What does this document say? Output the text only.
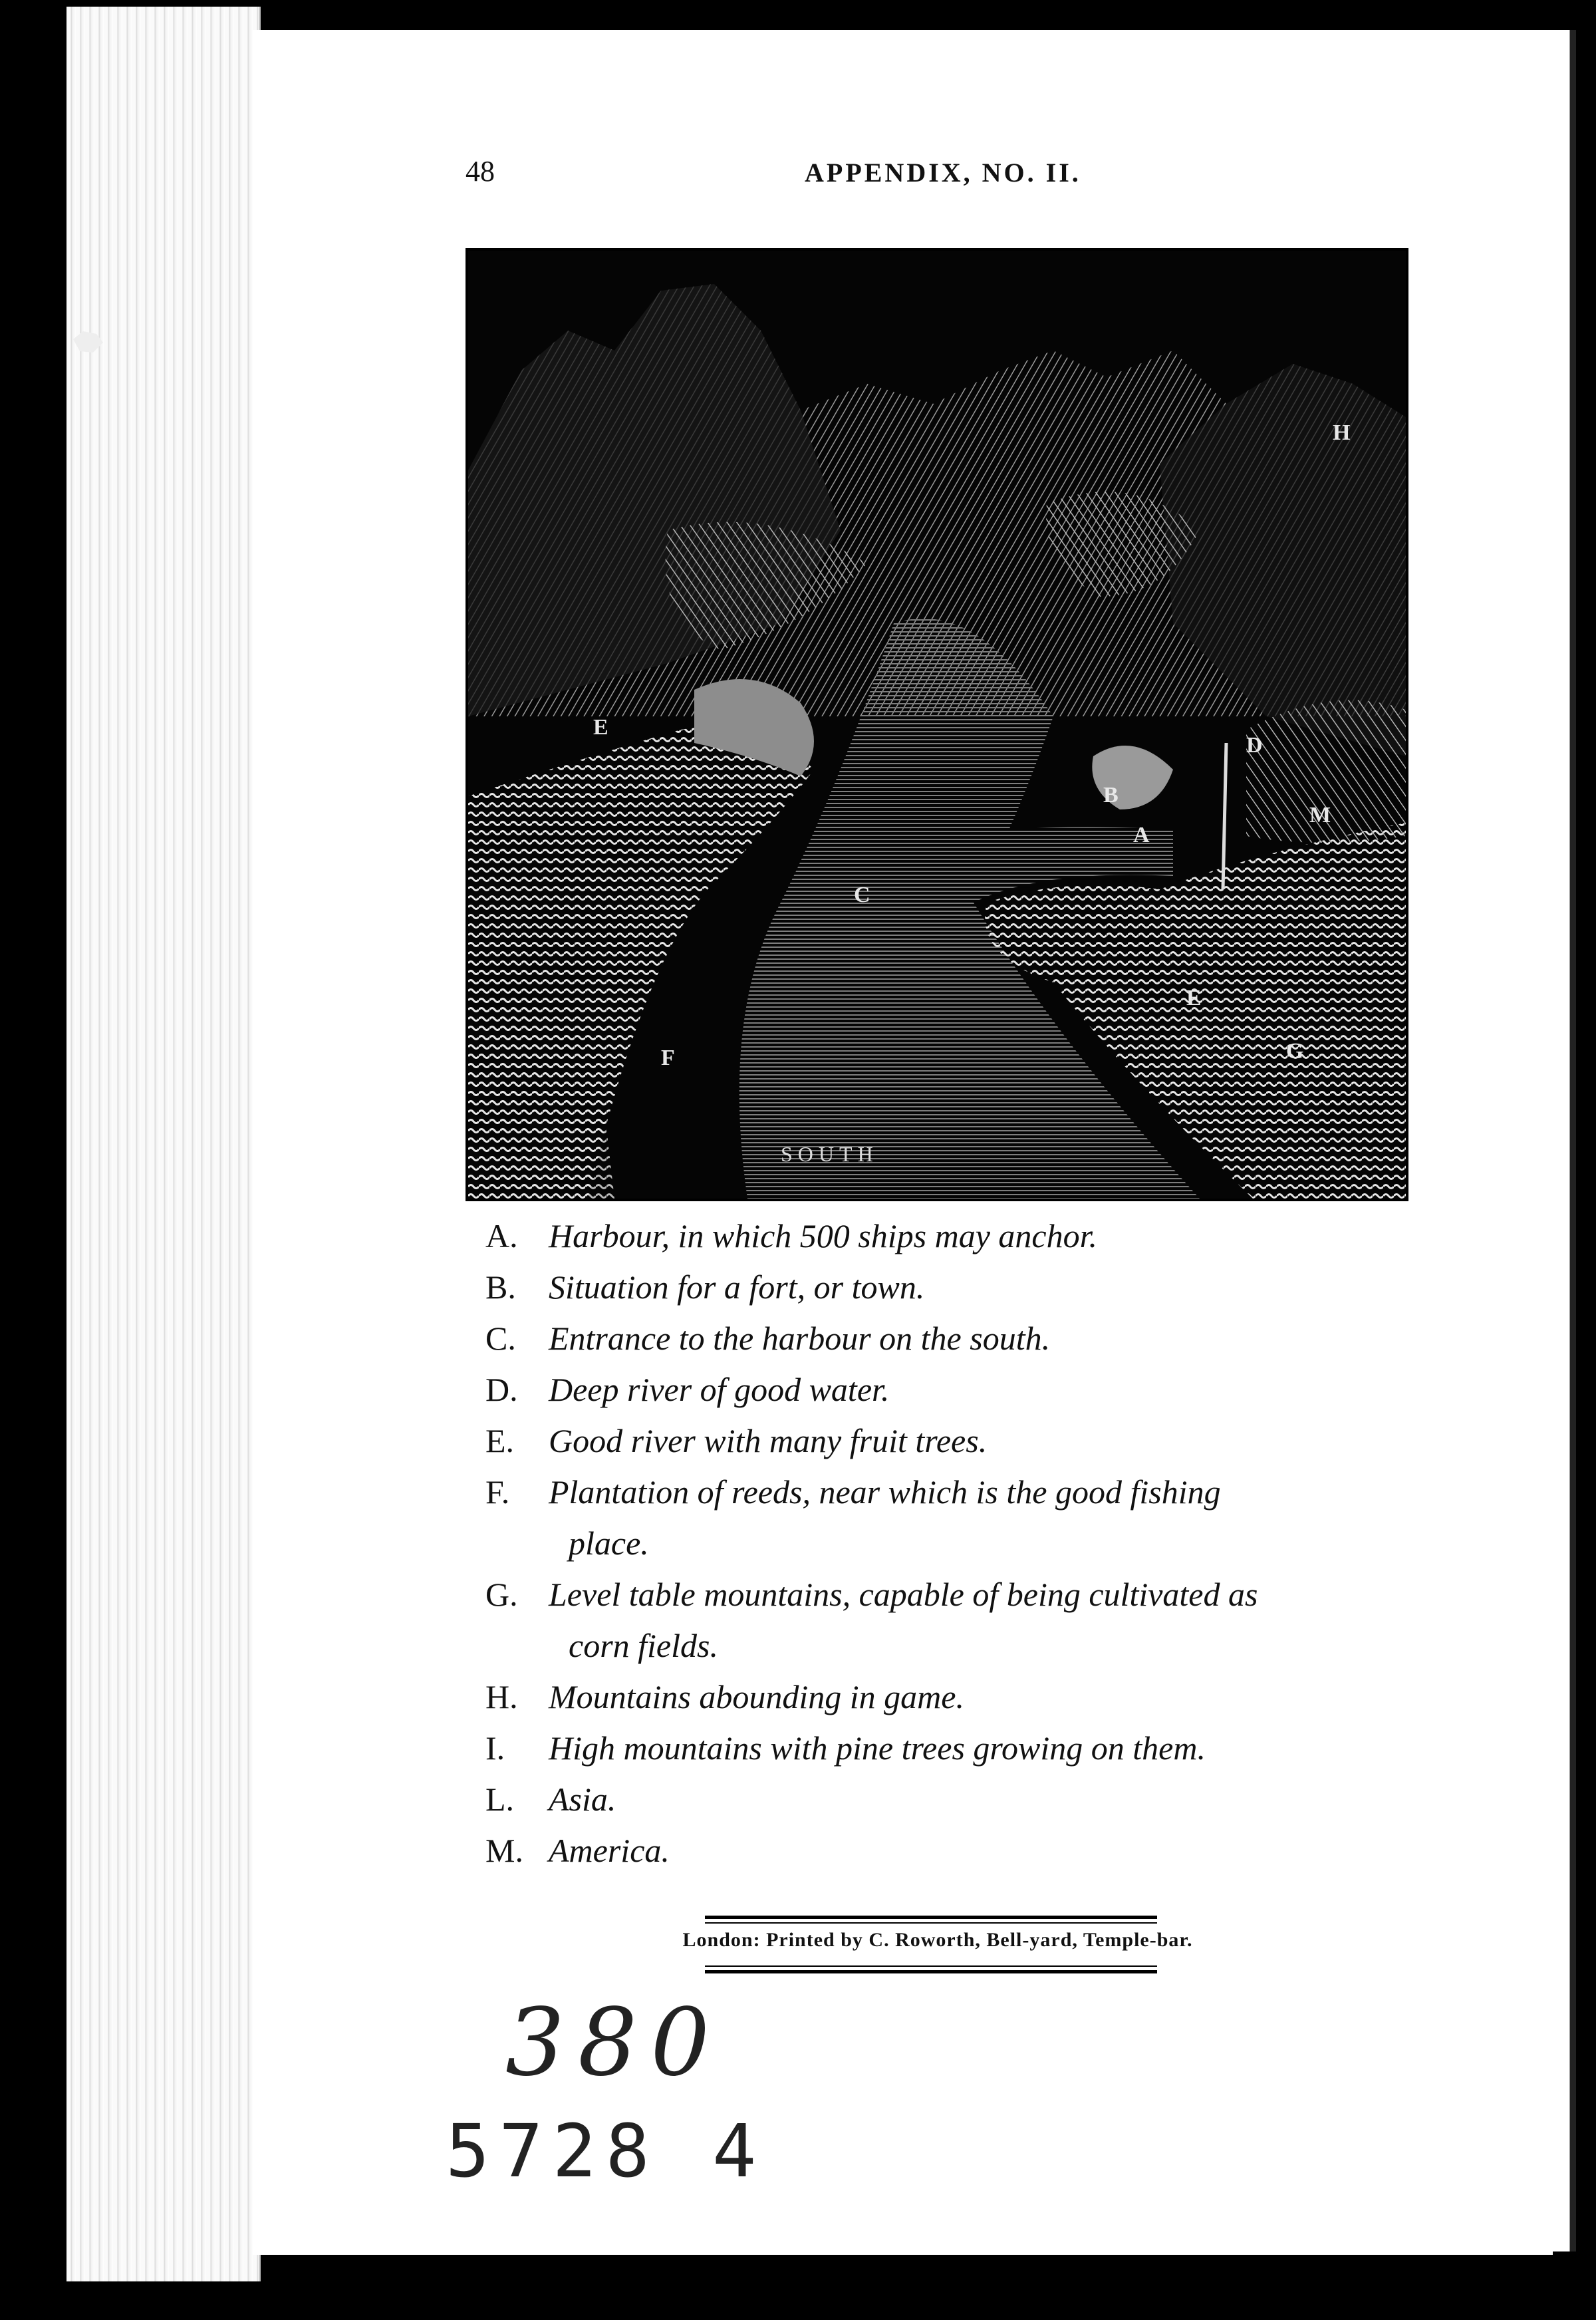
48	APPENDIX, NO. II.
H
D
E
B
M
A
C
E
G
F
SOUTH
A. Harbour, in which 500 ships may anchor.
B. Situation for a fort, or town.
C. Entrance to the harbour on the south.
D. Deep river of good water.
E. Good river with many fruit trees.
F. Plantation of reeds, near which is the good fishing
place.
G. Level table mountains, capable of being cultivated as
corn fields.
H. Mountains abounding in game.
I. High mountains with pine trees growing on them.
L. Asia.
M. America.
London: Printed by C. Roworth, Bell-yard, Temple-bar.
380
5728 4
